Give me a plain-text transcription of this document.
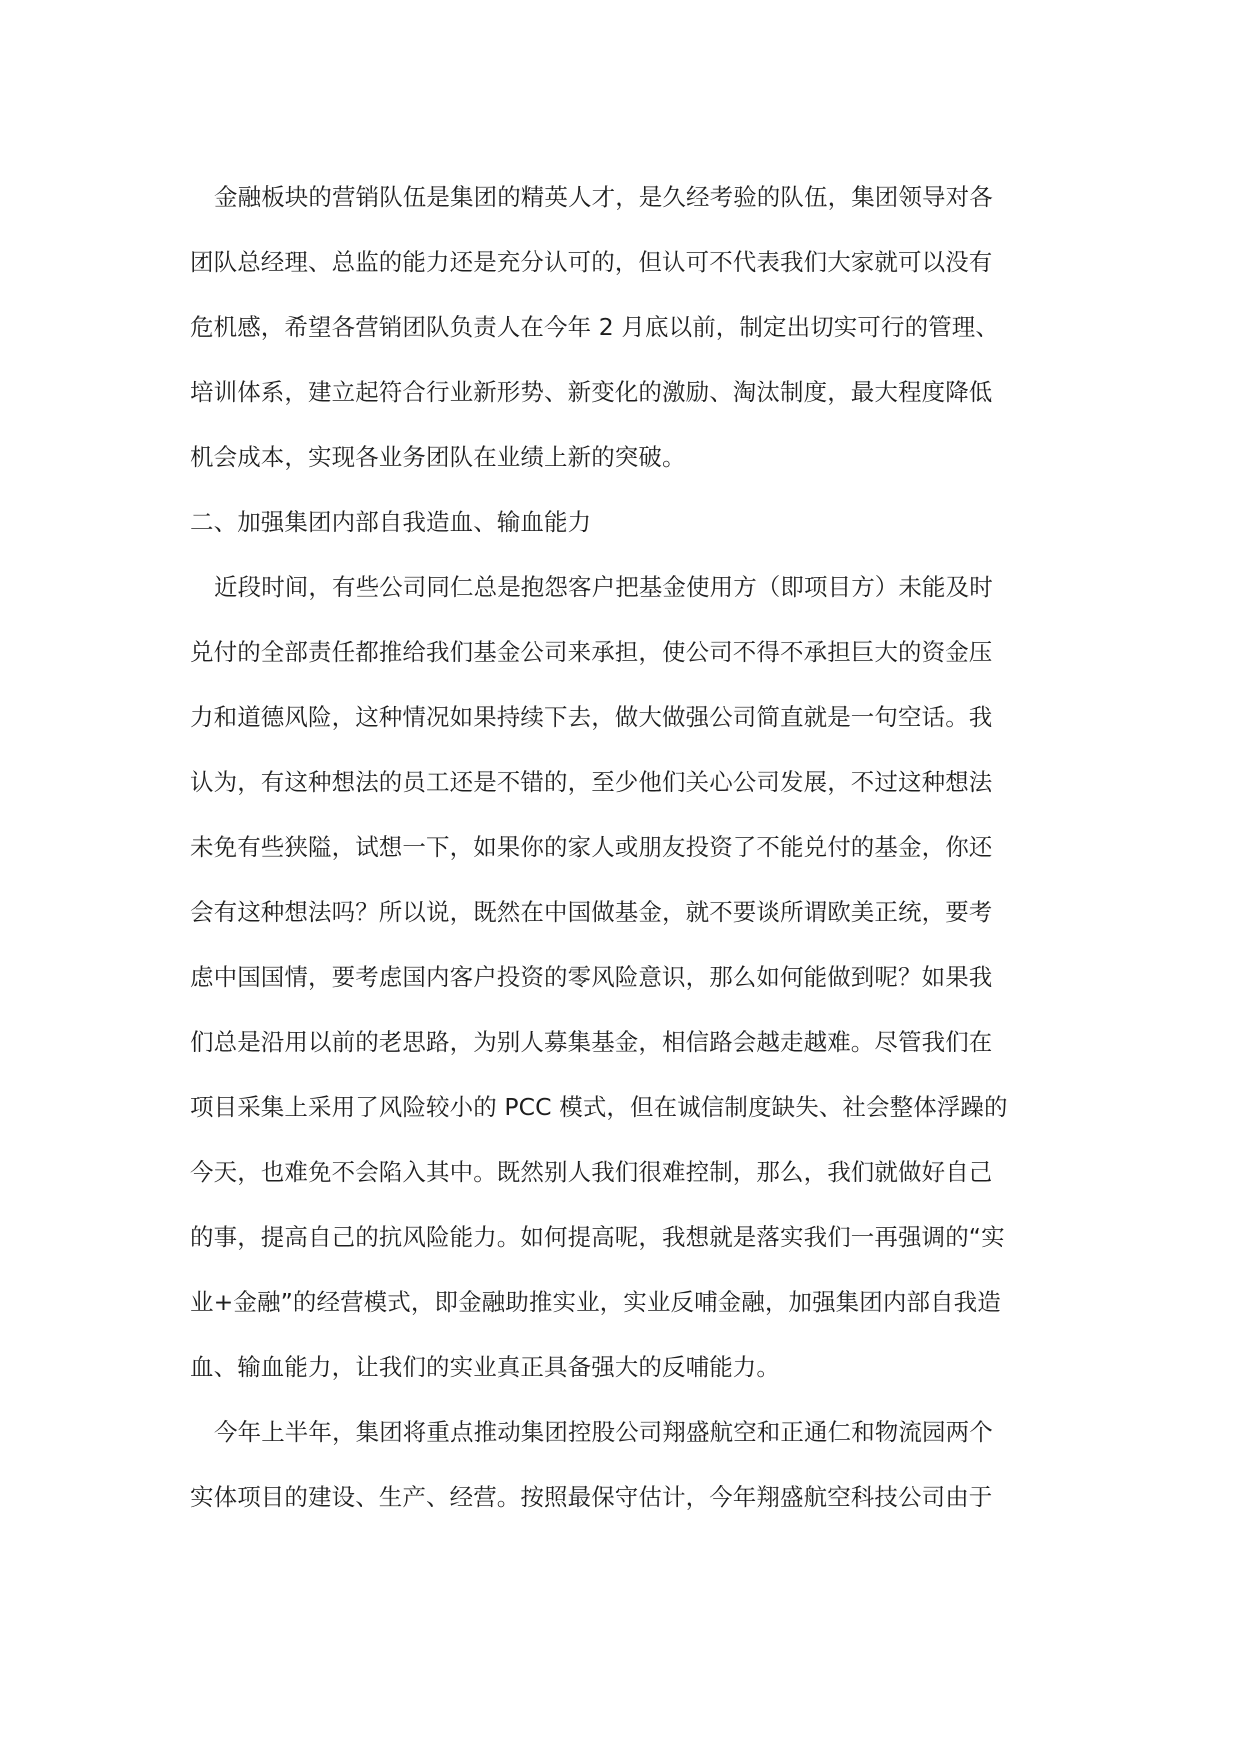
金融板块的营销队伍是集团的精英人才，是久经考验的队伍，集团领导对各
团队总经理、总监的能力还是充分认可的，但认可不代表我们大家就可以没有
危机感，希望各营销团队负责人在今年 2 月底以前，制定出切实可行的管理、
培训体系，建立起符合行业新形势、新变化的激励、淘汰制度，最大程度降低
机会成本，实现各业务团队在业绩上新的突破。
二、加强集团内部自我造血、输血能力
近段时间，有些公司同仁总是抱怨客户把基金使用方（即项目方）未能及时
兑付的全部责任都推给我们基金公司来承担，使公司不得不承担巨大的资金压
力和道德风险，这种情况如果持续下去，做大做强公司简直就是一句空话。我
认为，有这种想法的员工还是不错的，至少他们关心公司发展，不过这种想法
未免有些狭隘，试想一下，如果你的家人或朋友投资了不能兑付的基金，你还
会有这种想法吗？所以说，既然在中国做基金，就不要谈所谓欧美正统，要考
虑中国国情，要考虑国内客户投资的零风险意识，那么如何能做到呢？如果我
们总是沿用以前的老思路，为别人募集基金，相信路会越走越难。尽管我们在
项目采集上采用了风险较小的 PCC 模式，但在诚信制度缺失、社会整体浮躁的
今天，也难免不会陷入其中。既然别人我们很难控制，那么，我们就做好自己
的事，提高自己的抗风险能力。如何提高呢，我想就是落实我们一再强调的“实
业+金融”的经营模式，即金融助推实业，实业反哺金融，加强集团内部自我造
血、输血能力，让我们的实业真正具备强大的反哺能力。
今年上半年，集团将重点推动集团控股公司翔盛航空和正通仁和物流园两个
实体项目的建设、生产、经营。按照最保守估计，今年翔盛航空科技公司由于
